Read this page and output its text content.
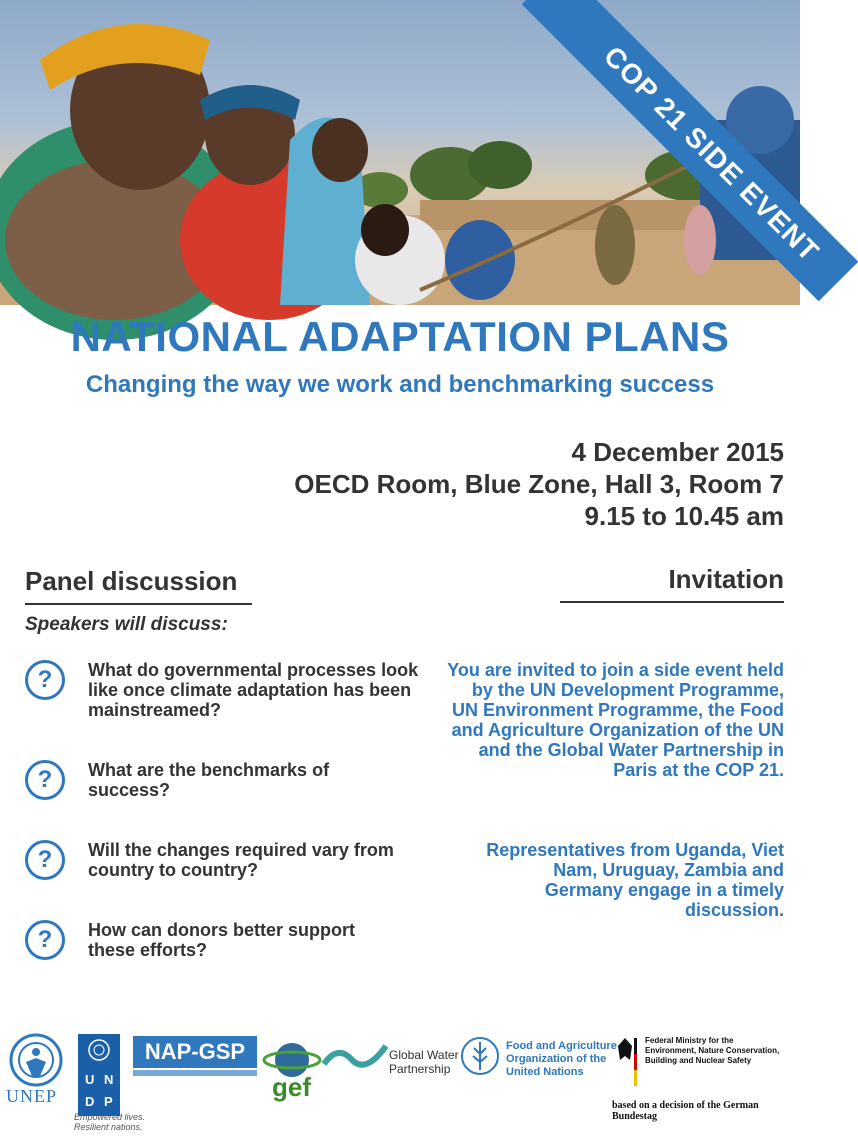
COP 21 SIDE EVENT
NATIONAL ADAPTATION PLANS
Changing the way we work and benchmarking success
4 December 2015
OECD Room, Blue Zone, Hall 3, Room 7
9.15 to 10.45 am
Panel discussion
Speakers will discuss:
?	What do governmental processes look like once climate adaptation has been mainstreamed?
?	What are the benchmarks of success?
?	Will the changes required vary from country to country?
?	How can donors better support these efforts?
Invitation

You are invited to join a side event held by the UN Development Programme, UN Environment Programme, the Food and Agriculture Organization of the UN and the Global Water Partnership in Paris at the COP 21.

Representatives from Uganda, Viet Nam, Uruguay, Zambia and Germany engage in a timely discussion.

UNEP
U N
D P
Empowered lives.
Resilient nations.
NAP-GSP
gef
Global Water
Partnership
Food and Agriculture
Organization of the
United Nations
Federal Ministry for the
Environment, Nature Conservation,
Building and Nuclear Safety
based on a decision of the German Bundestag
